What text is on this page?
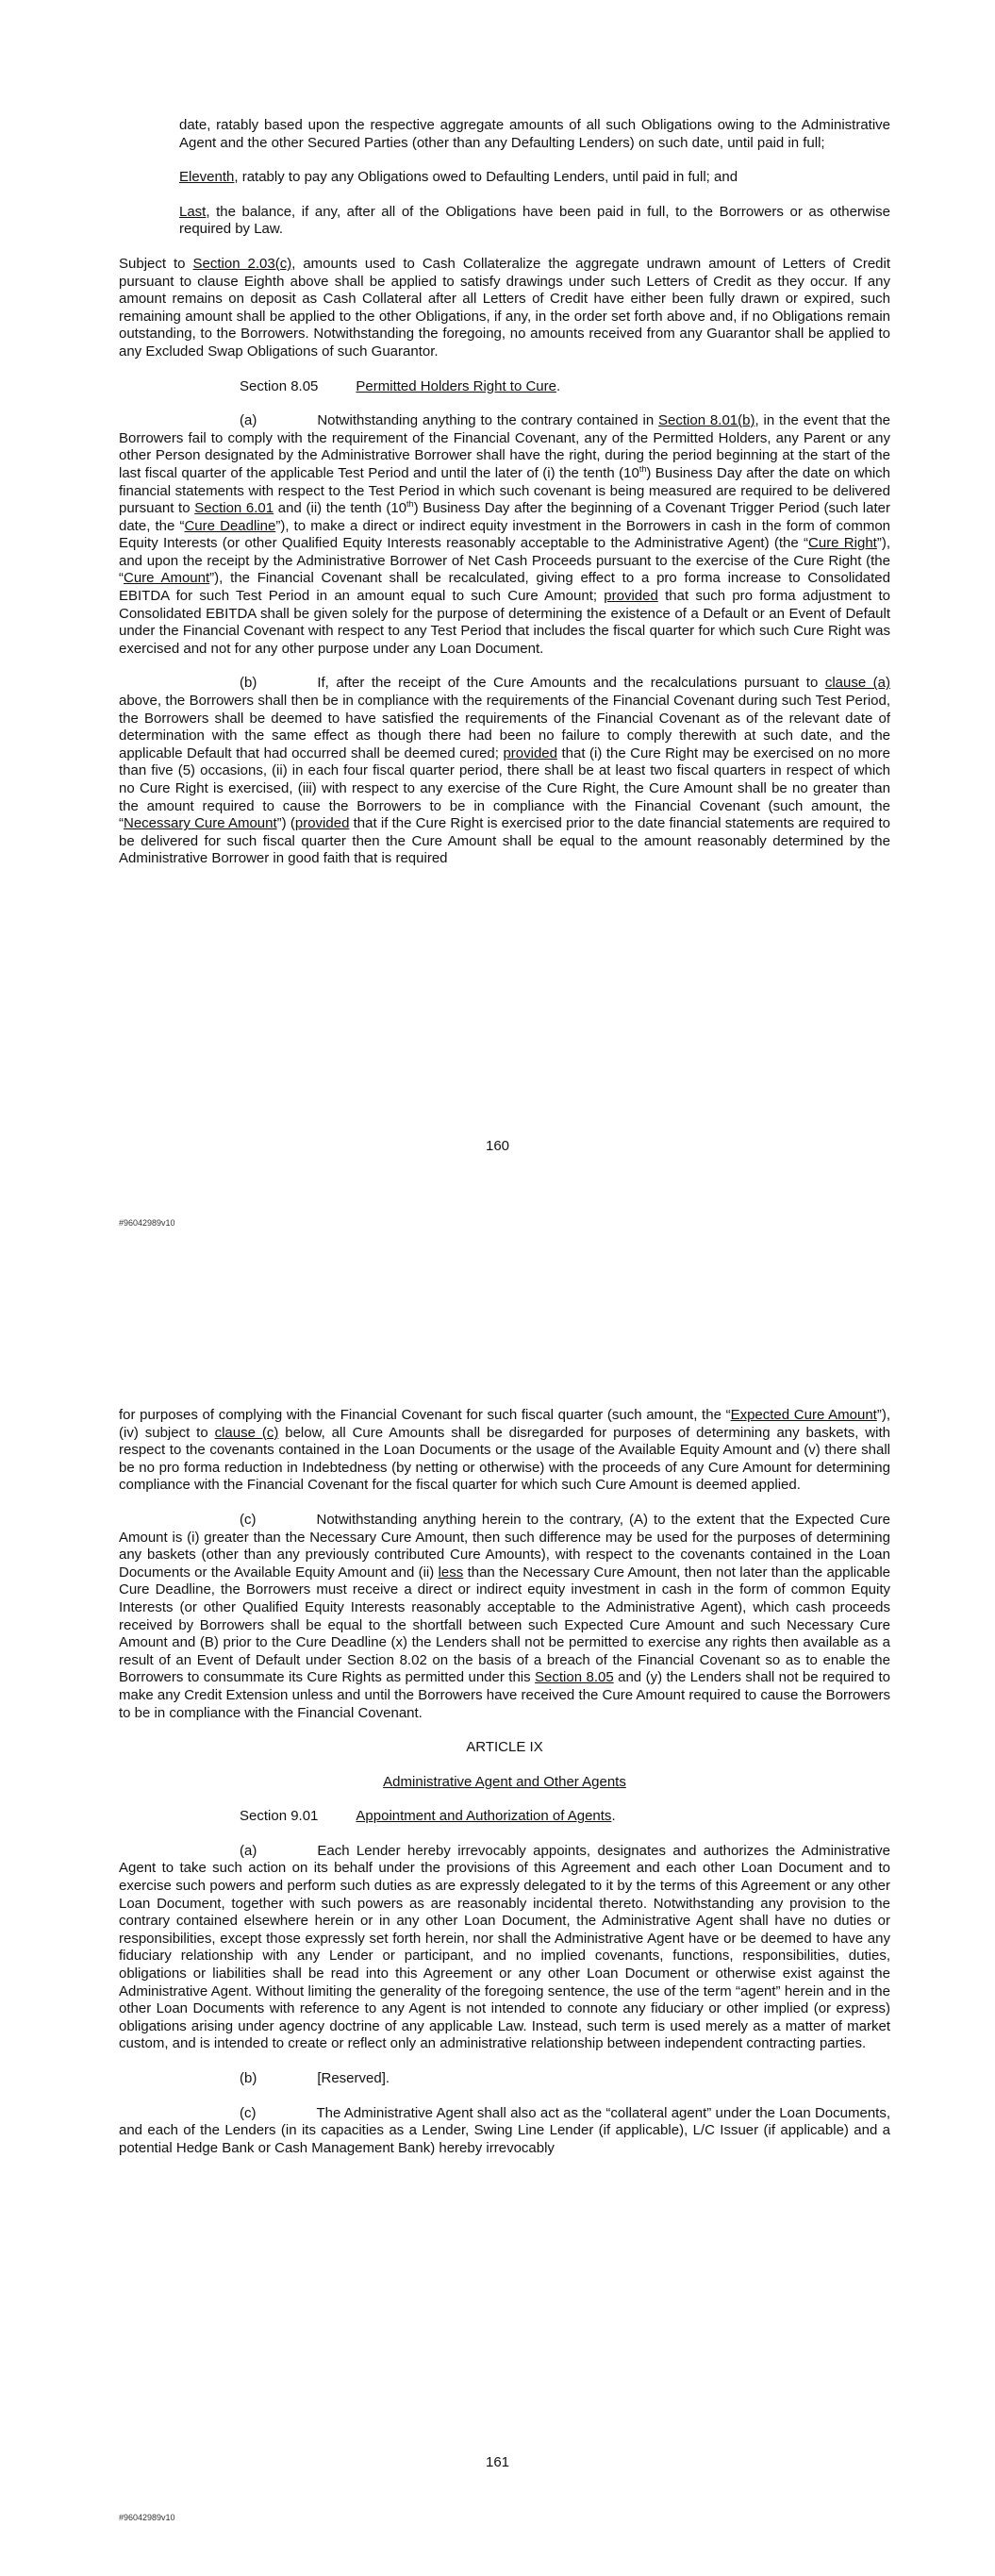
date, ratably based upon the respective aggregate amounts of all such Obligations owing to the Administrative Agent and the other Secured Parties (other than any Defaulting Lenders) on such date, until paid in full;

Eleventh, ratably to pay any Obligations owed to Defaulting Lenders, until paid in full; and

Last, the balance, if any, after all of the Obligations have been paid in full, to the Borrowers or as otherwise required by Law.

Subject to Section 2.03(c), amounts used to Cash Collateralize the aggregate undrawn amount of Letters of Credit pursuant to clause Eighth above shall be applied to satisfy drawings under such Letters of Credit as they occur. If any amount remains on deposit as Cash Collateral after all Letters of Credit have either been fully drawn or expired, such remaining amount shall be applied to the other Obligations, if any, in the order set forth above and, if no Obligations remain outstanding, to the Borrowers. Notwithstanding the foregoing, no amounts received from any Guarantor shall be applied to any Excluded Swap Obligations of such Guarantor.

Section 8.05	Permitted Holders Right to Cure.

(a)	Notwithstanding anything to the contrary contained in Section 8.01(b), in the event that the Borrowers fail to comply with the requirement of the Financial Covenant, any of the Permitted Holders, any Parent or any other Person designated by the Administrative Borrower shall have the right, during the period beginning at the start of the last fiscal quarter of the applicable Test Period and until the later of (i) the tenth (10th) Business Day after the date on which financial statements with respect to the Test Period in which such covenant is being measured are required to be delivered pursuant to Section 6.01 and (ii) the tenth (10th) Business Day after the beginning of a Covenant Trigger Period (such later date, the “Cure Deadline”), to make a direct or indirect equity investment in the Borrowers in cash in the form of common Equity Interests (or other Qualified Equity Interests reasonably acceptable to the Administrative Agent) (the “Cure Right”), and upon the receipt by the Administrative Borrower of Net Cash Proceeds pursuant to the exercise of the Cure Right (the “Cure Amount”), the Financial Covenant shall be recalculated, giving effect to a pro forma increase to Consolidated EBITDA for such Test Period in an amount equal to such Cure Amount; provided that such pro forma adjustment to Consolidated EBITDA shall be given solely for the purpose of determining the existence of a Default or an Event of Default under the Financial Covenant with respect to any Test Period that includes the fiscal quarter for which such Cure Right was exercised and not for any other purpose under any Loan Document.

(b)	If, after the receipt of the Cure Amounts and the recalculations pursuant to clause (a) above, the Borrowers shall then be in compliance with the requirements of the Financial Covenant during such Test Period, the Borrowers shall be deemed to have satisfied the requirements of the Financial Covenant as of the relevant date of determination with the same effect as though there had been no failure to comply therewith at such date, and the applicable Default that had occurred shall be deemed cured; provided that (i) the Cure Right may be exercised on no more than five (5) occasions, (ii) in each four fiscal quarter period, there shall be at least two fiscal quarters in respect of which no Cure Right is exercised, (iii) with respect to any exercise of the Cure Right, the Cure Amount shall be no greater than the amount required to cause the Borrowers to be in compliance with the Financial Covenant (such amount, the “Necessary Cure Amount”) (provided that if the Cure Right is exercised prior to the date financial statements are required to be delivered for such fiscal quarter then the Cure Amount shall be equal to the amount reasonably determined by the Administrative Borrower in good faith that is required

160
#96042989v10

for purposes of complying with the Financial Covenant for such fiscal quarter (such amount, the “Expected Cure Amount”), (iv) subject to clause (c) below, all Cure Amounts shall be disregarded for purposes of determining any baskets, with respect to the covenants contained in the Loan Documents or the usage of the Available Equity Amount and (v) there shall be no pro forma reduction in Indebtedness (by netting or otherwise) with the proceeds of any Cure Amount for determining compliance with the Financial Covenant for the fiscal quarter for which such Cure Amount is deemed applied.

(c)	Notwithstanding anything herein to the contrary, (A) to the extent that the Expected Cure Amount is (i) greater than the Necessary Cure Amount, then such difference may be used for the purposes of determining any baskets (other than any previously contributed Cure Amounts), with respect to the covenants contained in the Loan Documents or the Available Equity Amount and (ii) less than the Necessary Cure Amount, then not later than the applicable Cure Deadline, the Borrowers must receive a direct or indirect equity investment in cash in the form of common Equity Interests (or other Qualified Equity Interests reasonably acceptable to the Administrative Agent), which cash proceeds received by Borrowers shall be equal to the shortfall between such Expected Cure Amount and such Necessary Cure Amount and (B) prior to the Cure Deadline (x) the Lenders shall not be permitted to exercise any rights then available as a result of an Event of Default under Section 8.02 on the basis of a breach of the Financial Covenant so as to enable the Borrowers to consummate its Cure Rights as permitted under this Section 8.05 and (y) the Lenders shall not be required to make any Credit Extension unless and until the Borrowers have received the Cure Amount required to cause the Borrowers to be in compliance with the Financial Covenant.

ARTICLE IX

Administrative Agent and Other Agents

Section 9.01	Appointment and Authorization of Agents.

(a)	Each Lender hereby irrevocably appoints, designates and authorizes the Administrative Agent to take such action on its behalf under the provisions of this Agreement and each other Loan Document and to exercise such powers and perform such duties as are expressly delegated to it by the terms of this Agreement or any other Loan Document, together with such powers as are reasonably incidental thereto. Notwithstanding any provision to the contrary contained elsewhere herein or in any other Loan Document, the Administrative Agent shall have no duties or responsibilities, except those expressly set forth herein, nor shall the Administrative Agent have or be deemed to have any fiduciary relationship with any Lender or participant, and no implied covenants, functions, responsibilities, duties, obligations or liabilities shall be read into this Agreement or any other Loan Document or otherwise exist against the Administrative Agent. Without limiting the generality of the foregoing sentence, the use of the term “agent” herein and in the other Loan Documents with reference to any Agent is not intended to connote any fiduciary or other implied (or express) obligations arising under agency doctrine of any applicable Law. Instead, such term is used merely as a matter of market custom, and is intended to create or reflect only an administrative relationship between independent contracting parties.

(b)	[Reserved].

(c)	The Administrative Agent shall also act as the “collateral agent” under the Loan Documents, and each of the Lenders (in its capacities as a Lender, Swing Line Lender (if applicable), L/C Issuer (if applicable) and a potential Hedge Bank or Cash Management Bank) hereby irrevocably

161
#96042989v10
